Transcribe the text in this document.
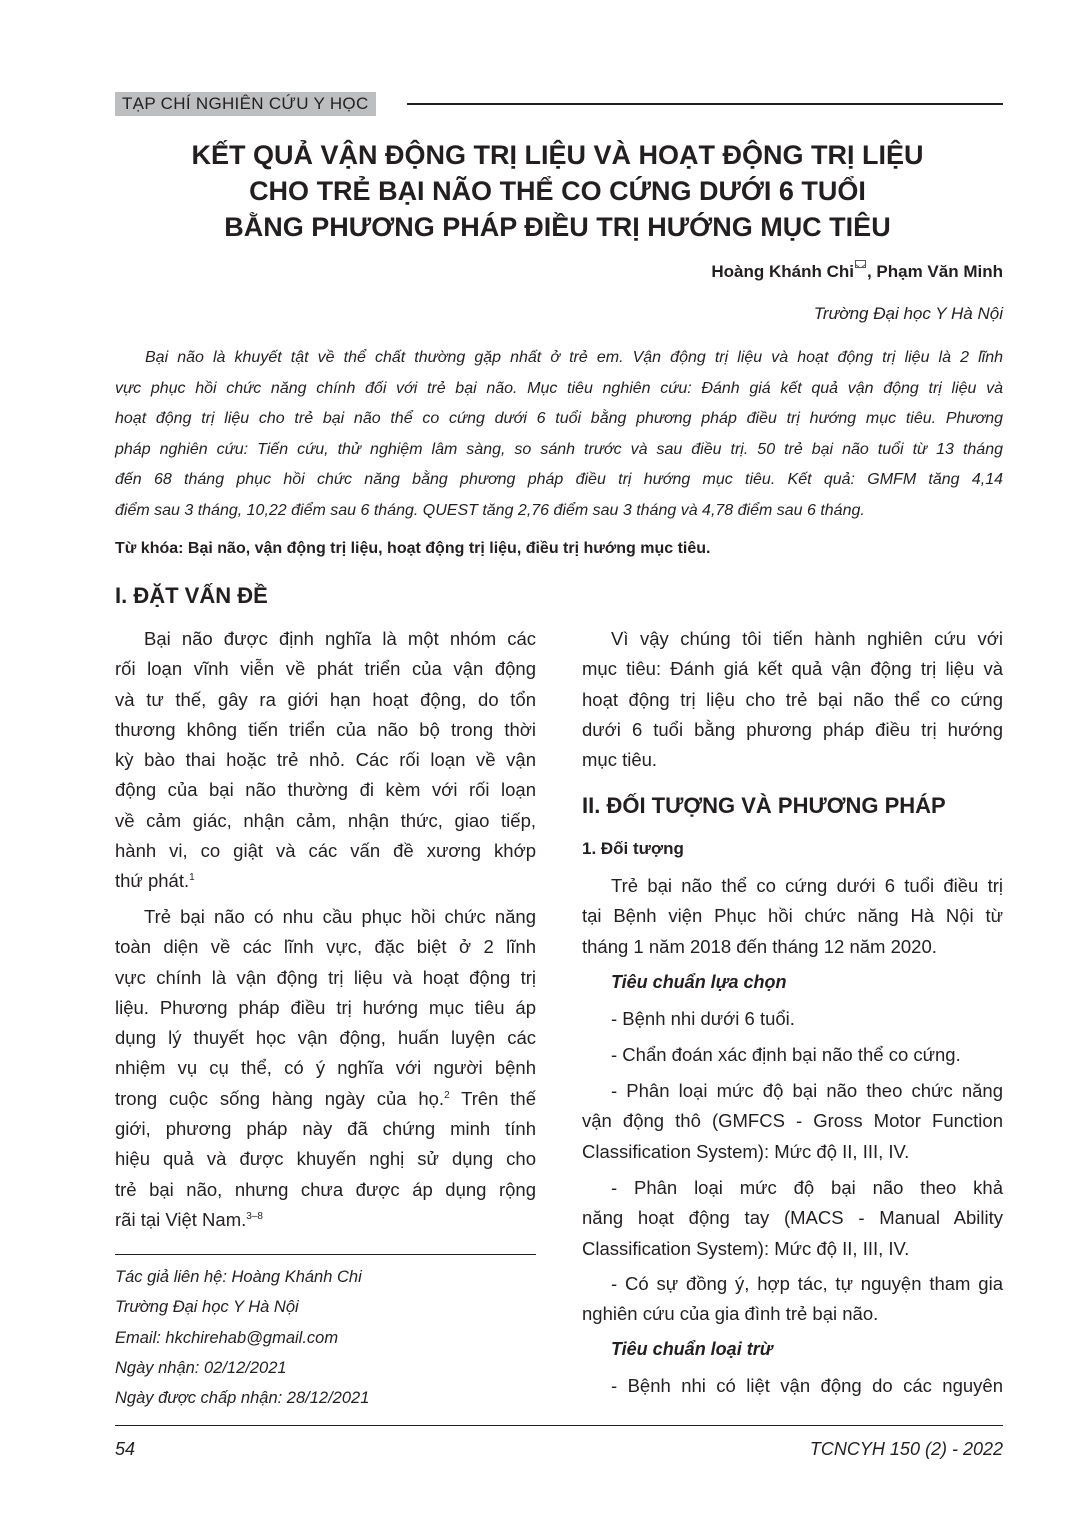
TẠP CHÍ NGHIÊN CỨU Y HỌC
KẾT QUẢ VẬN ĐỘNG TRỊ LIỆU VÀ HOẠT ĐỘNG TRỊ LIỆU
CHO TRẺ BẠI NÃO THỂ CO CỨNG DƯỚI 6 TUỔI
BẰNG PHƯƠNG PHÁP ĐIỀU TRỊ HƯỚNG MỤC TIÊU
Hoàng Khánh Chi , Phạm Văn Minh
Trường Đại học Y Hà Nội
Bại não là khuyết tật về thể chất thường gặp nhất ở trẻ em. Vận động trị liệu và hoạt động trị liệu là 2 lĩnh
vực phục hồi chức năng chính đối với trẻ bại não. Mục tiêu nghiên cứu: Đánh giá kết quả vận động trị liệu và
hoạt động trị liệu cho trẻ bại não thể co cứng dưới 6 tuổi bằng phương pháp điều trị hướng mục tiêu. Phương
pháp nghiên cứu: Tiến cứu, thử nghiệm lâm sàng, so sánh trước và sau điều trị. 50 trẻ bại não tuổi từ 13 tháng
đến 68 tháng phục hồi chức năng bằng phương pháp điều trị hướng mục tiêu. Kết quả: GMFM tăng 4,14
điểm sau 3 tháng, 10,22 điểm sau 6 tháng. QUEST tăng 2,76 điểm sau 3 tháng và 4,78 điểm sau 6 tháng.
Từ khóa: Bại não, vận động trị liệu, hoạt động trị liệu, điều trị hướng mục tiêu.
I. ĐẶT VẤN ĐỀ
Bại não được định nghĩa là một nhóm các
rối loạn vĩnh viễn về phát triển của vận động
và tư thế, gây ra giới hạn hoạt động, do tổn
thương không tiến triển của não bộ trong thời
kỳ bào thai hoặc trẻ nhỏ. Các rối loạn về vận
động của bại não thường đi kèm với rối loạn
về cảm giác, nhận cảm, nhận thức, giao tiếp,
hành vi, co giật và các vấn đề xương khớp
thứ phát.$^1$
Trẻ bại não có nhu cầu phục hồi chức năng
toàn diện về các lĩnh vực, đặc biệt ở 2 lĩnh
vực chính là vận động trị liệu và hoạt động trị
liệu. Phương pháp điều trị hướng mục tiêu áp
dụng lý thuyết học vận động, huấn luyện các
nhiệm vụ cụ thể, có ý nghĩa với người bệnh
trong cuộc sống hàng ngày của họ.$^2$ Trên thế
giới, phương pháp này đã chứng minh tính
hiệu quả và được khuyến nghị sử dụng cho
trẻ bại não, nhưng chưa được áp dụng rộng
rãi tại Việt Nam.$^{3-8}$
Tác giả liên hệ: Hoàng Khánh Chi
Trường Đại học Y Hà Nội
Email: hkchirehab@gmail.com
Ngày nhận: 02/12/2021
Ngày được chấp nhận: 28/12/2021
Vì vậy chúng tôi tiến hành nghiên cứu với
mục tiêu: Đánh giá kết quả vận động trị liệu và
hoạt động trị liệu cho trẻ bại não thể co cứng
dưới 6 tuổi bằng phương pháp điều trị hướng
mục tiêu.
II. ĐỐI TƯỢNG VÀ PHƯƠNG PHÁP
1. Đối tượng
Trẻ bại não thể co cứng dưới 6 tuổi điều trị
tại Bệnh viện Phục hồi chức năng Hà Nội từ
tháng 1 năm 2018 đến tháng 12 năm 2020.
Tiêu chuẩn lựa chọn
- Bệnh nhi dưới 6 tuổi.
- Chẩn đoán xác định bại não thể co cứng.
- Phân loại mức độ bại não theo chức năng
vận động thô (GMFCS - Gross Motor Function
Classification System): Mức độ II, III, IV.
- Phân loại mức độ bại não theo khả
năng hoạt động tay (MACS - Manual Ability
Classification System): Mức độ II, III, IV.
- Có sự đồng ý, hợp tác, tự nguyện tham gia
nghiên cứu của gia đình trẻ bại não.
Tiêu chuẩn loại trừ
- Bệnh nhi có liệt vận động do các nguyên
54	TCNCYH 150 (2) - 2022
